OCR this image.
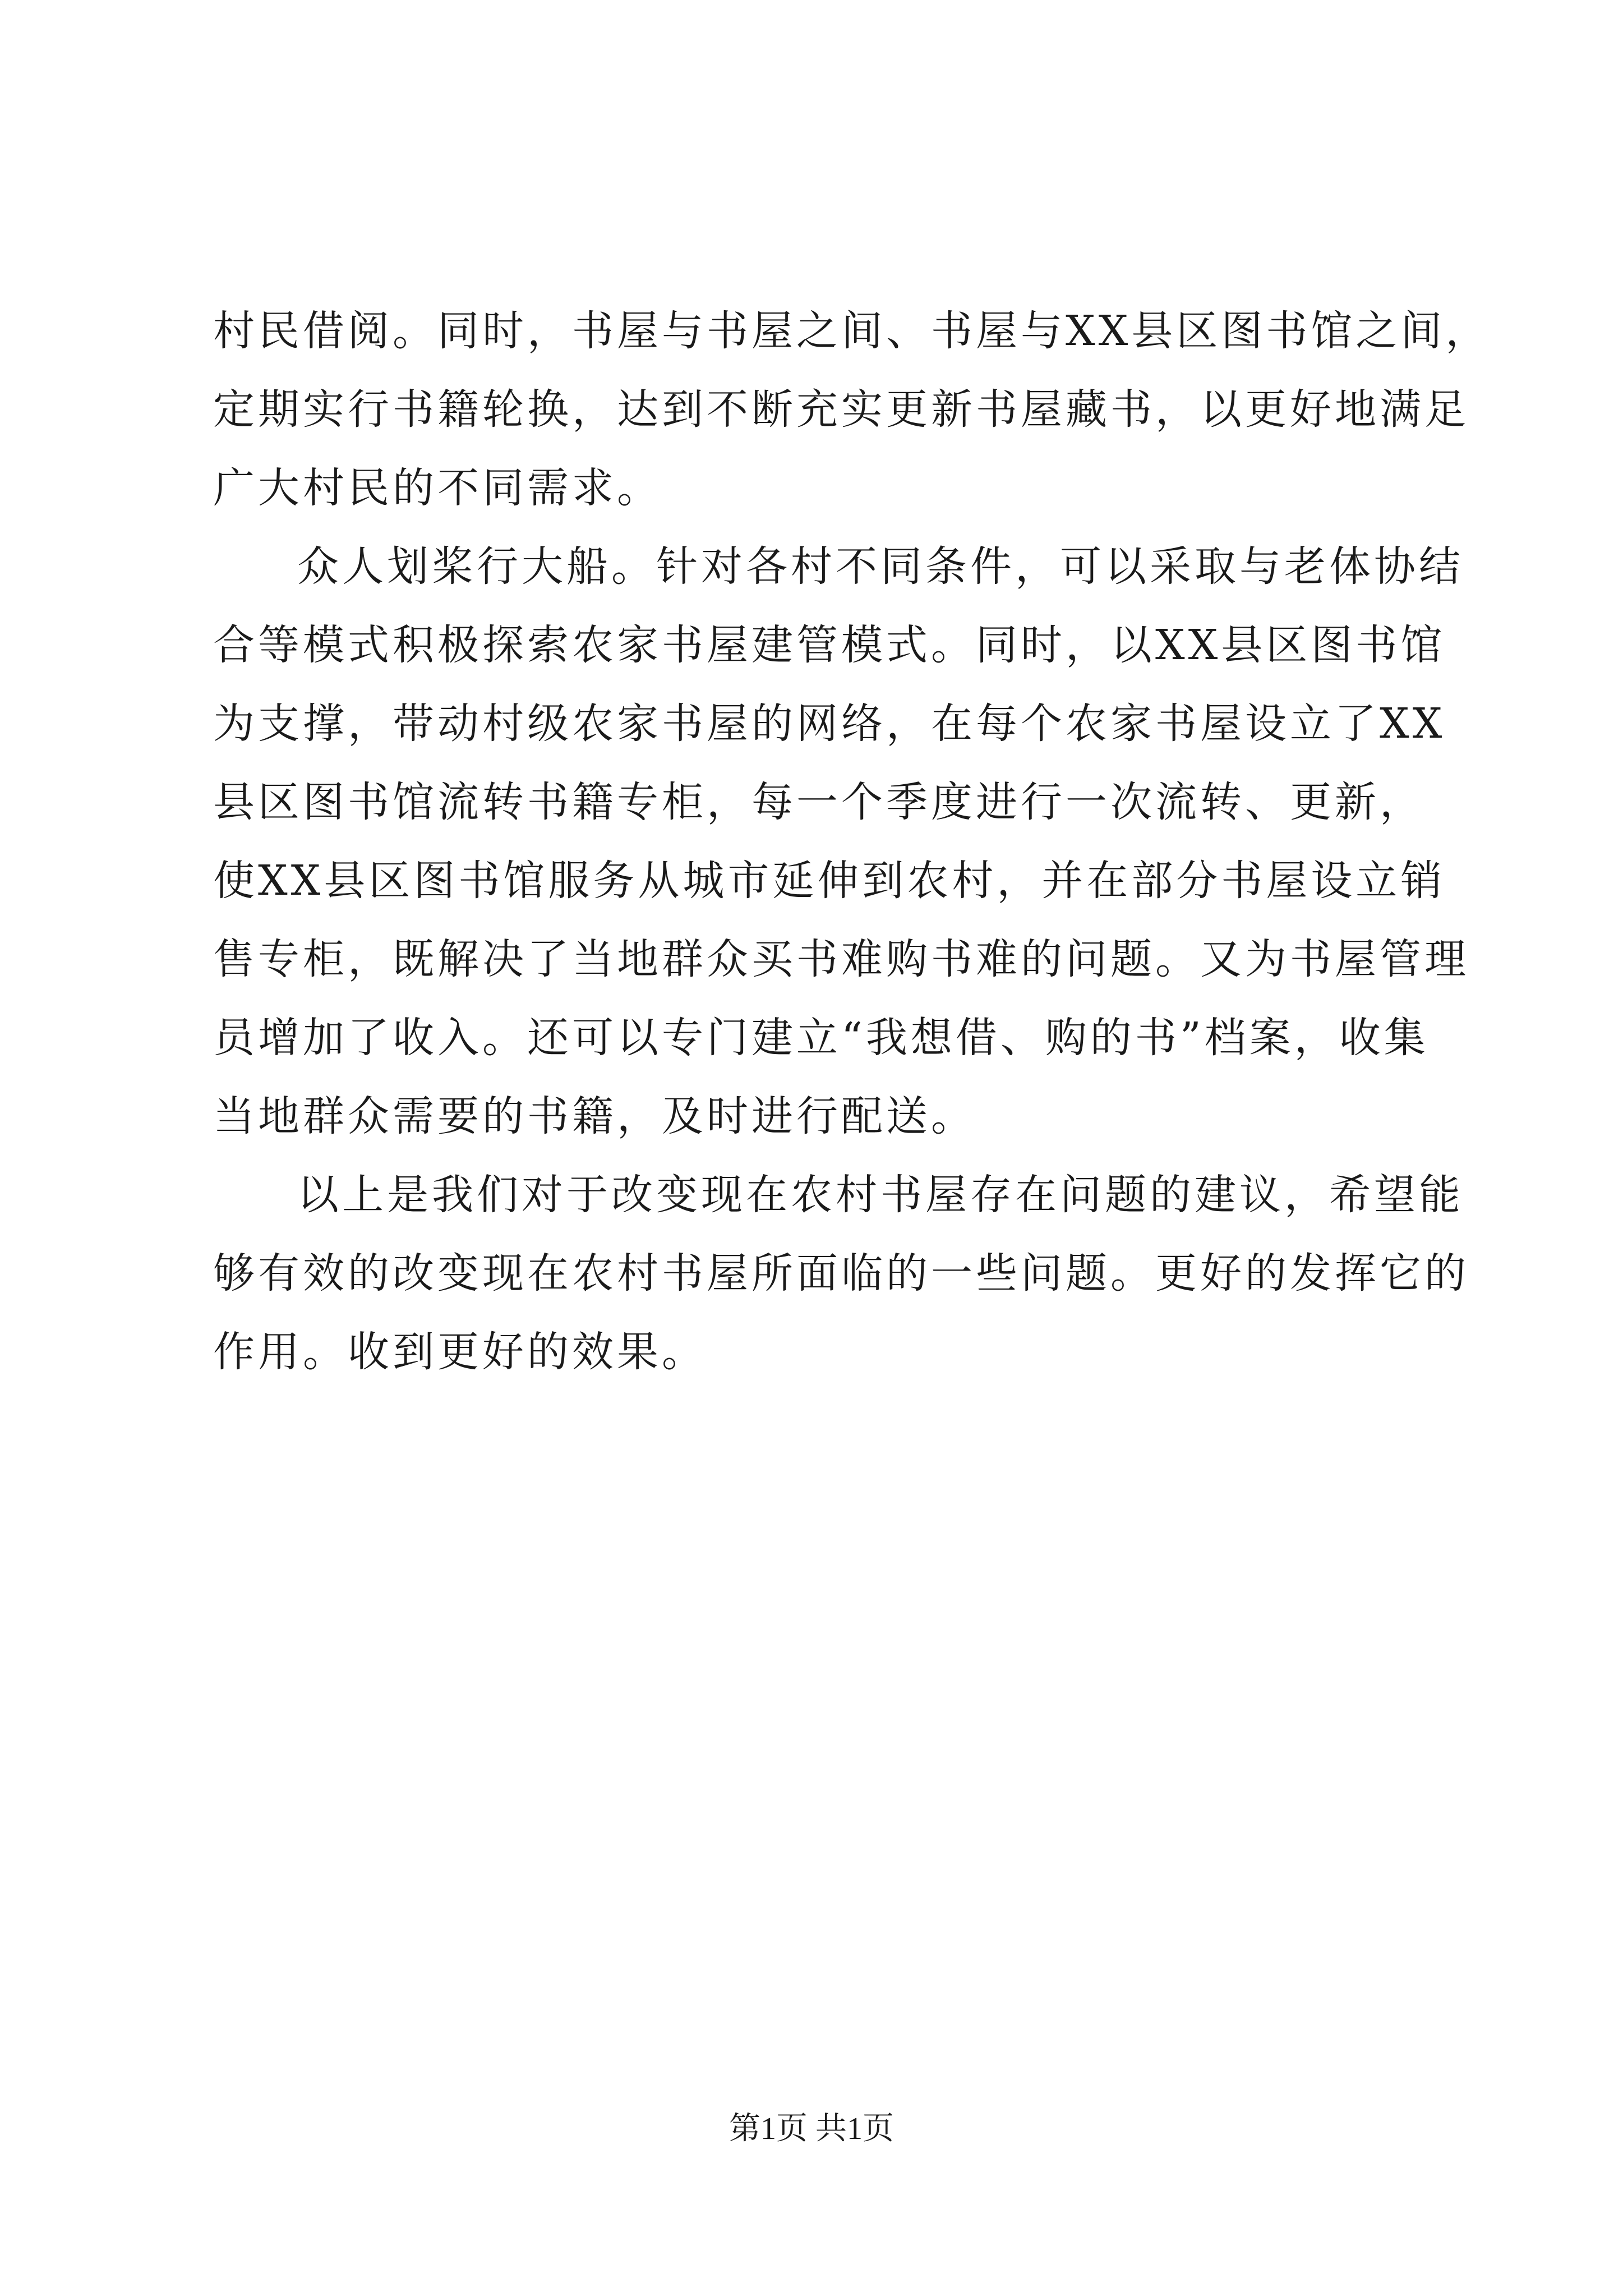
村民借阅。同时，书屋与书屋之间、书屋与XX县区图书馆之间，
定期实行书籍轮换，达到不断充实更新书屋藏书，以更好地满足
广大村民的不同需求。
众人划桨行大船。针对各村不同条件，可以采取与老体协结
合等模式积极探索农家书屋建管模式。同时，以XX县区图书馆
为支撑，带动村级农家书屋的网络，在每个农家书屋设立了XX
县区图书馆流转书籍专柜，每一个季度进行一次流转、更新，
使XX县区图书馆服务从城市延伸到农村，并在部分书屋设立销
售专柜，既解决了当地群众买书难购书难的问题。又为书屋管理
员增加了收入。还可以专门建立“我想借、购的书”档案，收集
当地群众需要的书籍，及时进行配送。
以上是我们对于改变现在农村书屋存在问题的建议，希望能
够有效的改变现在农村书屋所面临的一些问题。更好的发挥它的
作用。收到更好的效果。
第1页 共1页
